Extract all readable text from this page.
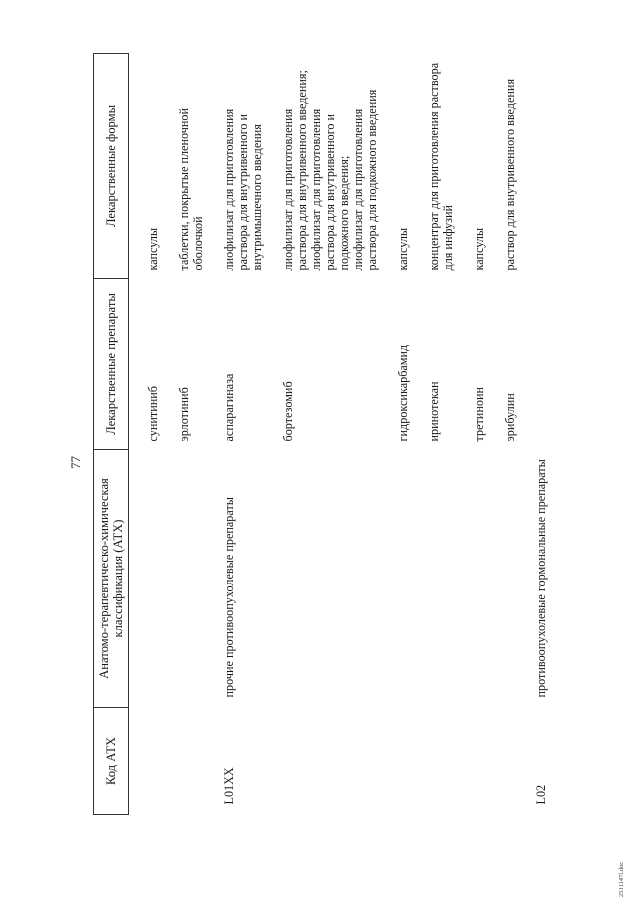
77
Код АТХ	Анатомо-терапевтическо-химическая классификация (АТХ)	Лекарственные препараты	Лекарственные формы
		сунитиниб	капсулы

		эрлотиниб	таблетки, покрытые пленочной оболочкой

L01XX	прочие противоопухолевые препараты	аспарагиназа	лиофилизат для приготовления раствора для внутривенного и внутримышечного введения

		бортезомиб	лиофилизат для приготовления раствора для внутривенного введения; лиофилизат для приготовления раствора для внутривенного и подкожного введения; лиофилизат для приготовления раствора для подкожного введения

		гидроксикарбамид	капсулы

		иринотекан	концентрат для приготовления раствора для инфузий

		третиноин	капсулы

		эрибулин	раствор для внутривенного введения

L02	противоопухолевые гормональные препараты		
2511147l.doc
